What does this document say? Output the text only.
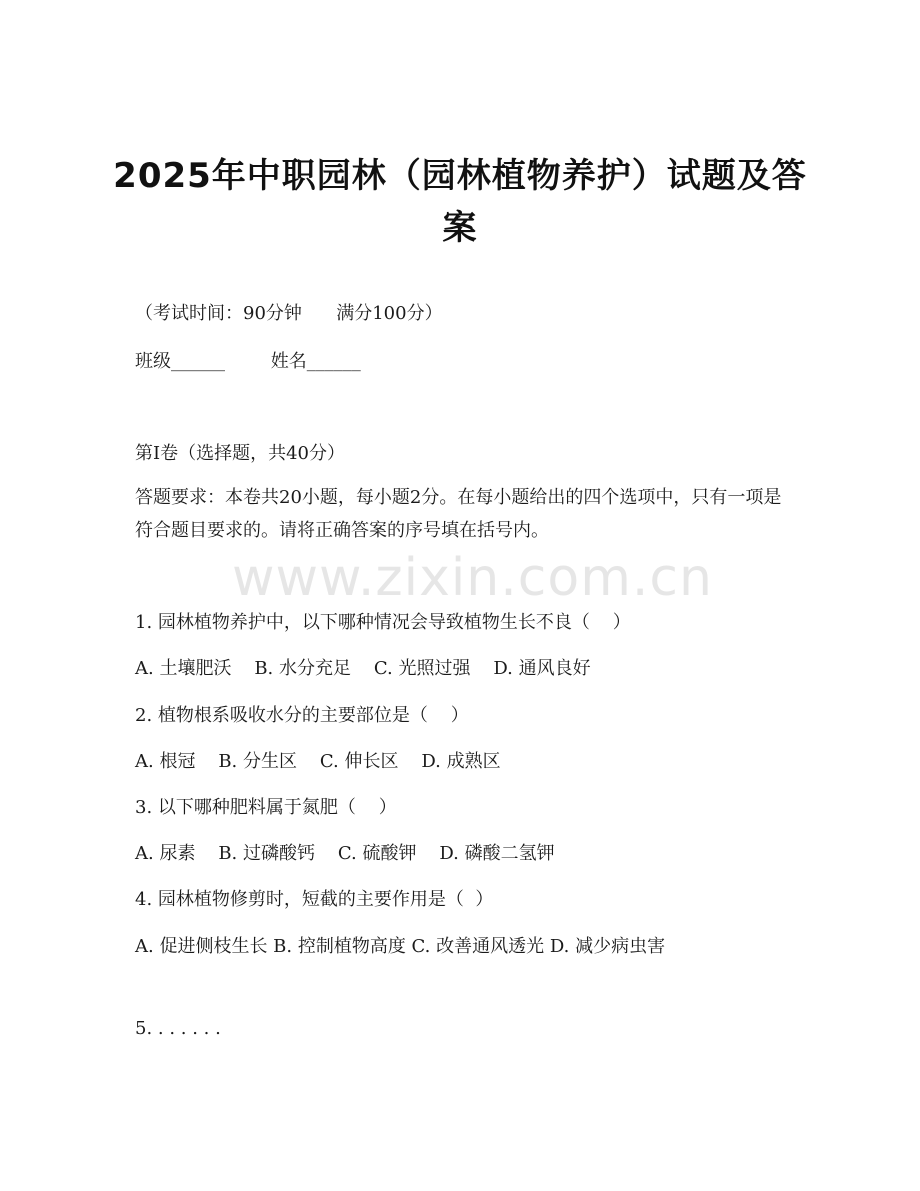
2025年中职园林（园林植物养护）试题及答案
（考试时间：90分钟      满分100分）
班级______        姓名______
第I卷（选择题，共40分）
答题要求：本卷共20小题，每小题2分。在每小题给出的四个选项中，只有一项是符合题目要求的。请将正确答案的序号填在括号内。
www.zixin.com.cn
1. 园林植物养护中，以下哪种情况会导致植物生长不良（    ）
A. 土壤肥沃    B. 水分充足    C. 光照过强    D. 通风良好
2. 植物根系吸收水分的主要部位是（    ）
A. 根冠    B. 分生区    C. 伸长区    D. 成熟区
3. 以下哪种肥料属于氮肥（    ）
A. 尿素    B. 过磷酸钙    C. 硫酸钾    D. 磷酸二氢钾
4. 园林植物修剪时，短截的主要作用是（  ）
A. 促进侧枝生长 B. 控制植物高度 C. 改善通风透光 D. 减少病虫害
5. . . . . . .
